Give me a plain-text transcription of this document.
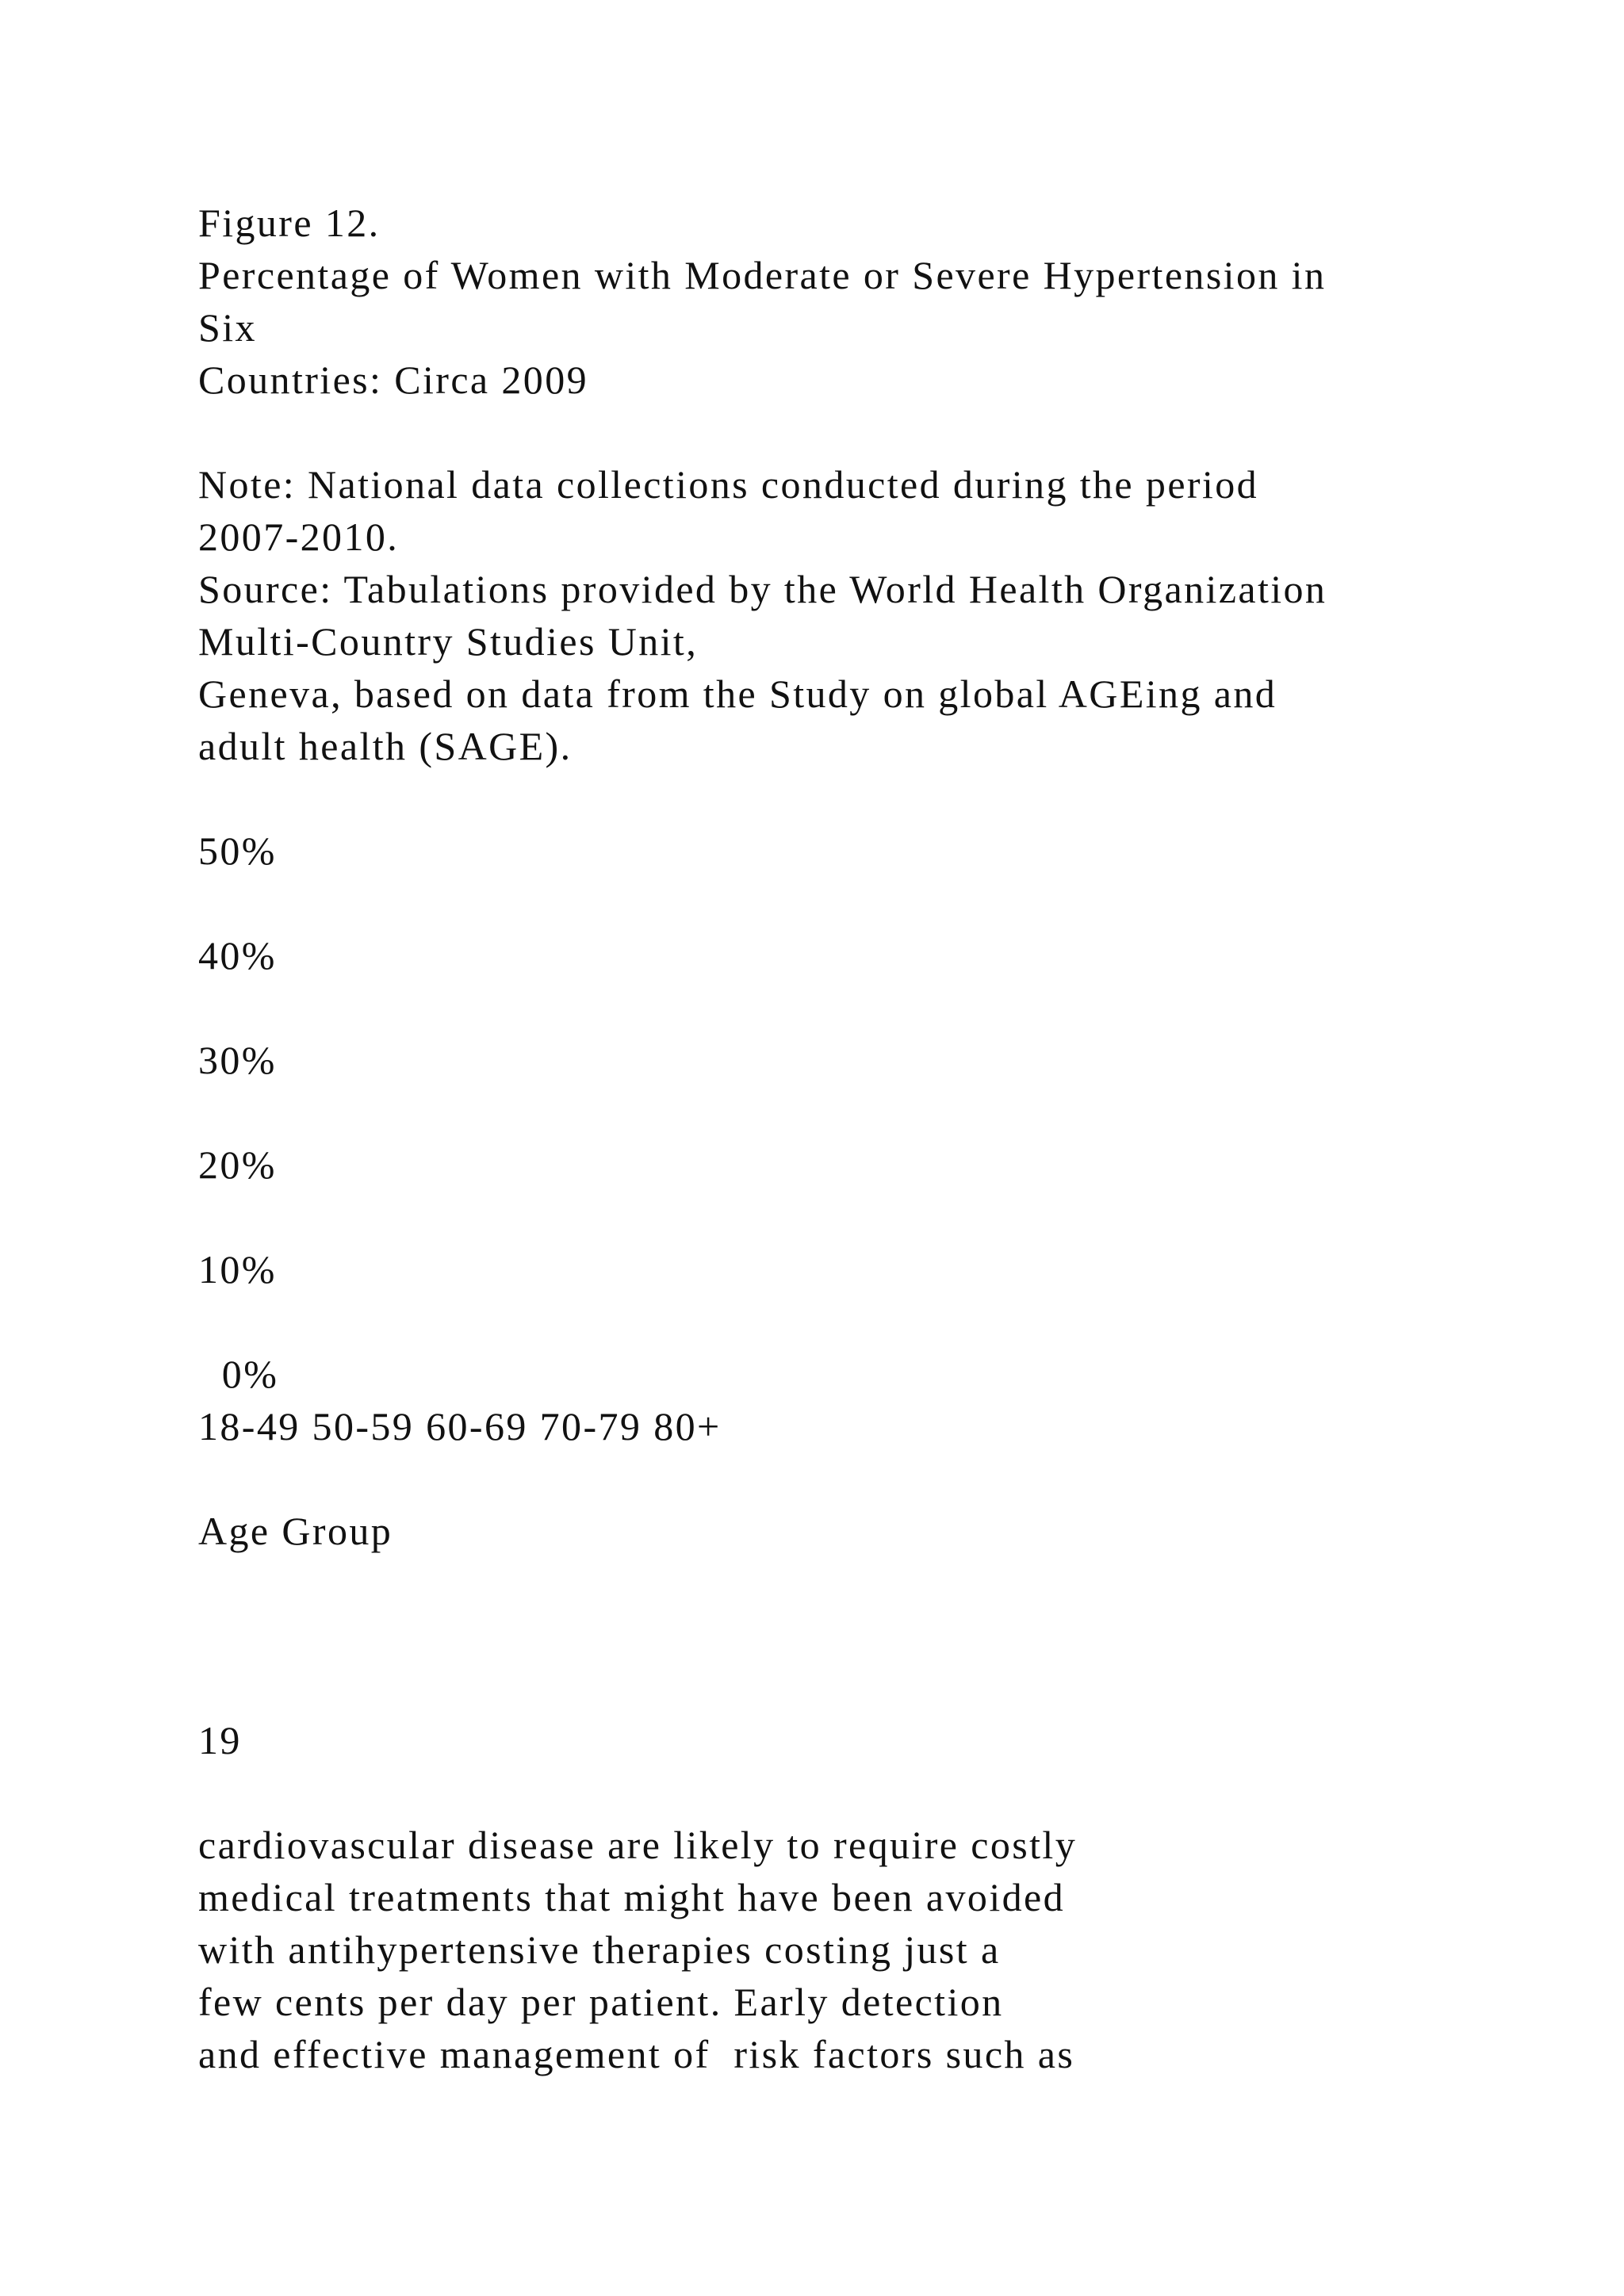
Figure 12.
Percentage of Women with Moderate or Severe Hypertension in
Six
Countries: Circa 2009
Note: National data collections conducted during the period
2007-2010.
Source: Tabulations provided by the World Health Organization
Multi-Country Studies Unit,
Geneva, based on data from the Study on global AGEing and
adult health (SAGE).
50%
40%
30%
20%
10%
0%
18-49 50-59 60-69 70-79 80+
Age Group
19
cardiovascular disease are likely to require costly
medical treatments that might have been avoided
with antihypertensive therapies costing just a
few cents per day per patient. Early detection
and effective management of  risk factors such as
